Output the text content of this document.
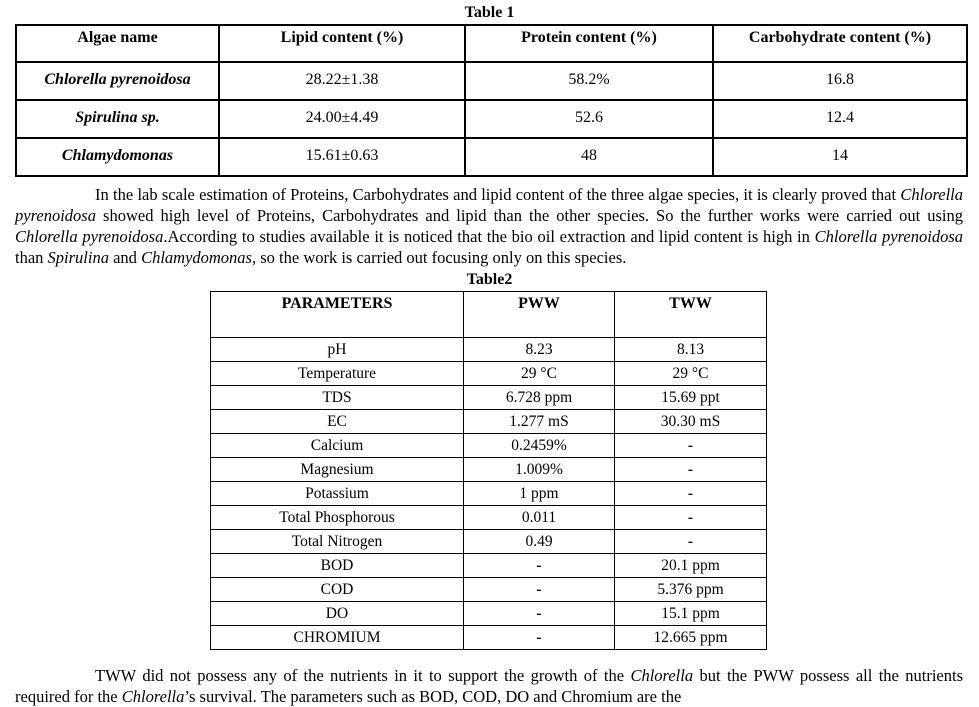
Table 1
Algae name	Lipid content (%)	Protein content (%)	Carbohydrate content (%)
Chlorella pyrenoidosa	28.22±1.38	58.2%	16.8
Spirulina sp.	24.00±4.49	52.6	12.4
Chlamydomonas	15.61±0.63	48	14

In the lab scale estimation of Proteins, Carbohydrates and lipid content of the three algae species, it is clearly proved that Chlorella pyrenoidosa showed high level of Proteins, Carbohydrates and lipid than the other species. So the further works were carried out using Chlorella pyrenoidosa.According to studies available it is noticed that the bio oil extraction and lipid content is high in Chlorella pyrenoidosa than Spirulina and Chlamydomonas, so the work is carried out focusing only on this species.

Table2
PARAMETERS	PWW	TWW
pH	8.23	8.13
Temperature	29 °C	29 °C
TDS	6.728 ppm	15.69 ppt
EC	1.277 mS	30.30 mS
Calcium	0.2459%	-
Magnesium	1.009%	-
Potassium	1 ppm	-
Total Phosphorous	0.011	-
Total Nitrogen	0.49	-
BOD	-	20.1 ppm
COD	-	5.376 ppm
DO	-	15.1 ppm
CHROMIUM	-	12.665 ppm

TWW did not possess any of the nutrients in it to support the growth of the Chlorella but the PWW possess all the nutrients required for the Chlorella’s survival. The parameters such as BOD, COD, DO and Chromium are the
